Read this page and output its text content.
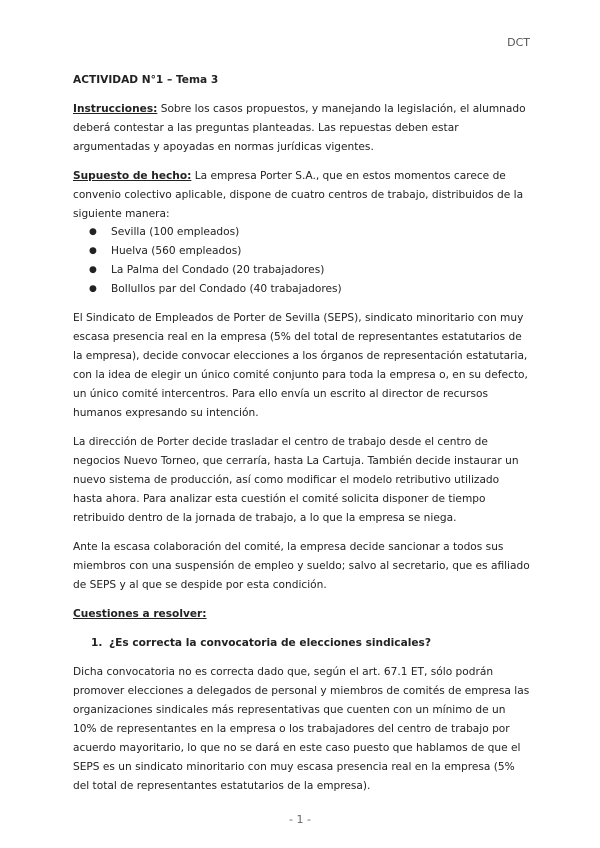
DCT

ACTIVIDAD N°1 – Tema 3

Instrucciones: Sobre los casos propuestos, y manejando la legislación, el alumnado deberá contestar a las preguntas planteadas. Las repuestas deben estar argumentadas y apoyadas en normas jurídicas vigentes.

Supuesto de hecho: La empresa Porter S.A., que en estos momentos carece de convenio colectivo aplicable, dispone de cuatro centros de trabajo, distribuidos de la siguiente manera:

● Sevilla (100 empleados)
● Huelva (560 empleados)
● La Palma del Condado (20 trabajadores)
● Bollullos par del Condado (40 trabajadores)

El Sindicato de Empleados de Porter de Sevilla (SEPS), sindicato minoritario con muy escasa presencia real en la empresa (5% del total de representantes estatutarios de la empresa), decide convocar elecciones a los órganos de representación estatutaria, con la idea de elegir un único comité conjunto para toda la empresa o, en su defecto, un único comité intercentros. Para ello envía un escrito al director de recursos humanos expresando su intención.

La dirección de Porter decide trasladar el centro de trabajo desde el centro de negocios Nuevo Torneo, que cerraría, hasta La Cartuja. También decide instaurar un nuevo sistema de producción, así como modificar el modelo retributivo utilizado hasta ahora. Para analizar esta cuestión el comité solicita disponer de tiempo retribuido dentro de la jornada de trabajo, a lo que la empresa se niega.

Ante la escasa colaboración del comité, la empresa decide sancionar a todos sus miembros con una suspensión de empleo y sueldo; salvo al secretario, que es afiliado de SEPS y al que se despide por esta condición.

Cuestiones a resolver:

1. ¿Es correcta la convocatoria de elecciones sindicales?

Dicha convocatoria no es correcta dado que, según el art. 67.1 ET, sólo podrán promover elecciones a delegados de personal y miembros de comités de empresa las organizaciones sindicales más representativas que cuenten con un mínimo de un 10% de representantes en la empresa o los trabajadores del centro de trabajo por acuerdo mayoritario, lo que no se dará en este caso puesto que hablamos de que el SEPS es un sindicato minoritario con muy escasa presencia real en la empresa (5% del total de representantes estatutarios de la empresa).

- 1 -
